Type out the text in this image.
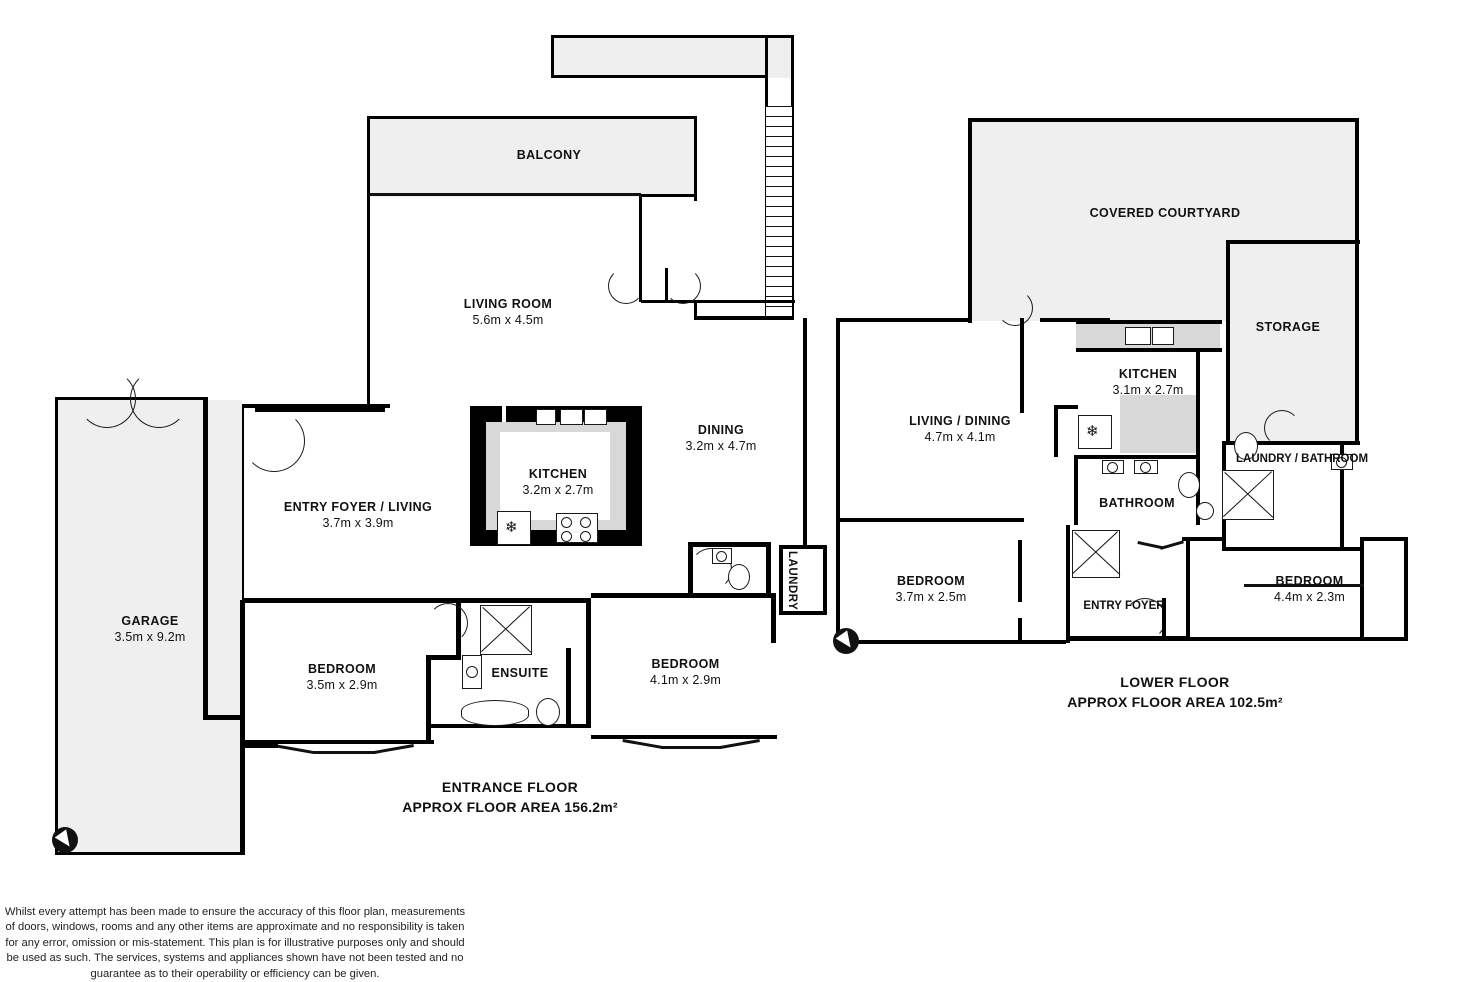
BALCONY
LIVING ROOM
5.6m x 4.5m
DINING
3.2m x 4.7m
❄
KITCHEN
3.2m x 2.7m
ENTRY FOYER / LIVING
3.7m x 3.9m
GARAGE
3.5m x 9.2m
BEDROOM
3.5m x 2.9m
ENSUITE
BEDROOM
4.1m x 2.9m
LAUNDRY
ENTRANCE FLOOR
APPROX FLOOR AREA 156.2m²
COVERED COURTYARD
STORAGE
KITCHEN
3.1m x 2.7m
❄
LIVING / DINING
4.7m x 4.1m
BATHROOM
LAUNDRY / BATHROOM
BEDROOM
3.7m x 2.5m
ENTRY FOYER
BEDROOM
4.4m x 2.3m
LOWER FLOOR
APPROX FLOOR AREA 102.5m²
Whilst every attempt has been made to ensure the accuracy of this floor plan, measurements of doors, windows, rooms and any other items are approximate and no responsibility is taken for any error, omission or mis-statement. This plan is for illustrative purposes only and should be used as such. The services, systems and appliances shown have not been tested and no guarantee as to their operability or efficiency can be given.
